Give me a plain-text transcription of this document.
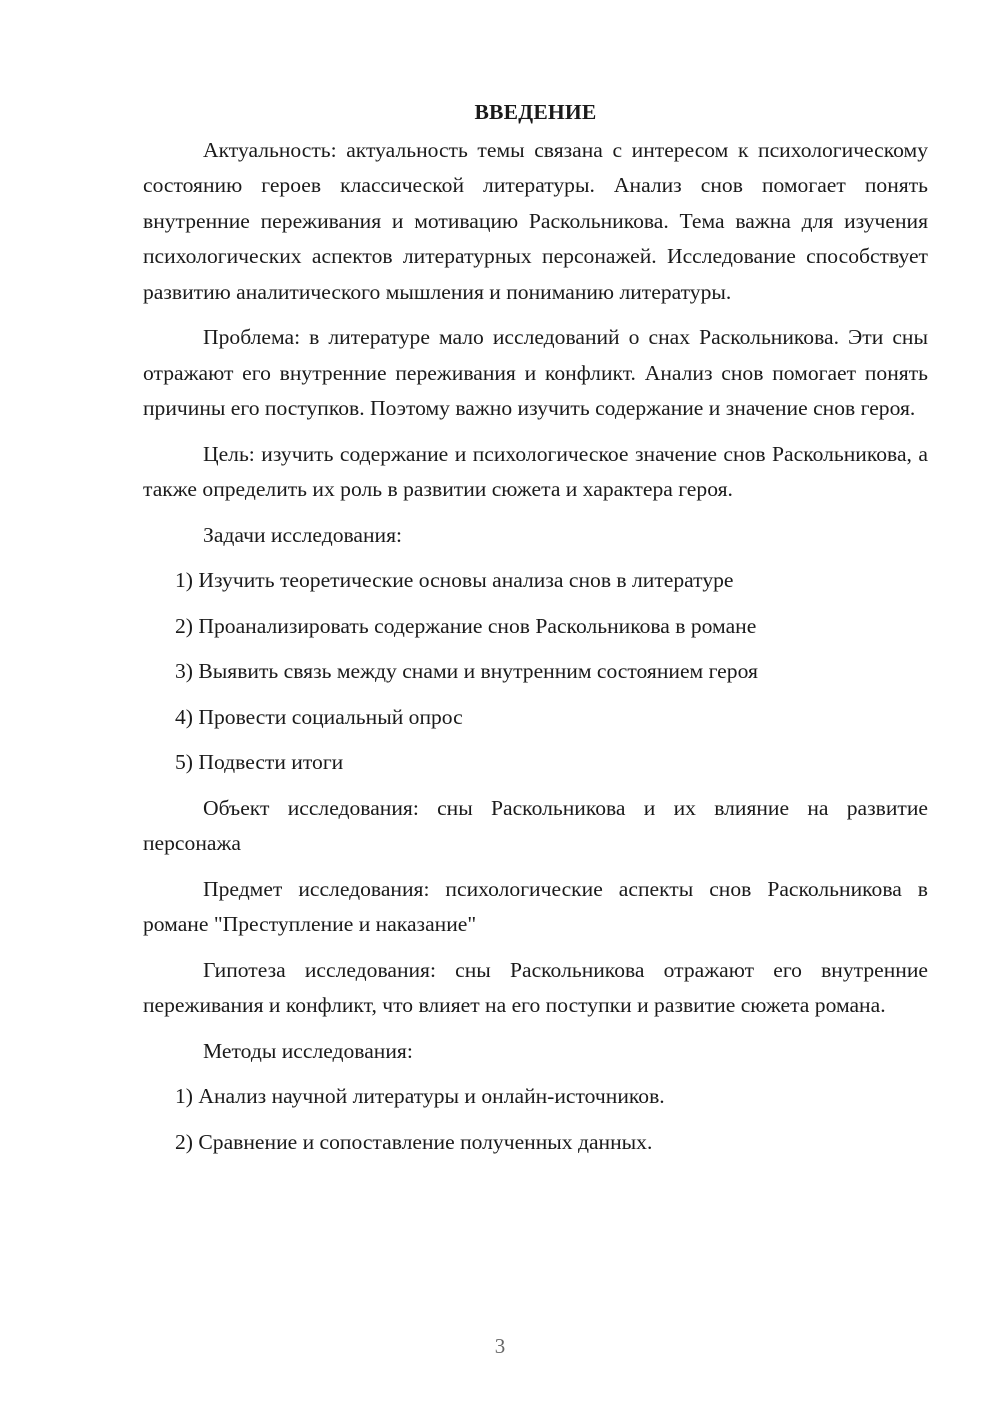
ВВЕДЕНИЕ

Актуальность: актуальность темы связана с интересом к психологическому состоянию героев классической литературы. Анализ снов помогает понять внутренние переживания и мотивацию Раскольникова. Тема важна для изучения психологических аспектов литературных персонажей. Исследование способствует развитию аналитического мышления и пониманию литературы.

Проблема: в литературе мало исследований о снах Раскольникова. Эти сны отражают его внутренние переживания и конфликт. Анализ снов помогает понять причины его поступков. Поэтому важно изучить содержание и значение снов героя.

Цель: изучить содержание и психологическое значение снов Раскольникова, а также определить их роль в развитии сюжета и характера героя.

Задачи исследования:

1) Изучить теоретические основы анализа снов в литературе

2) Проанализировать содержание снов Раскольникова в романе

3) Выявить связь между снами и внутренним состоянием героя

4) Провести социальный опрос

5) Подвести итоги

Объект исследования: сны Раскольникова и их влияние на развитие персонажа

Предмет исследования: психологические аспекты снов Раскольникова в романе "Преступление и наказание"

Гипотеза исследования: сны Раскольникова отражают его внутренние переживания и конфликт, что влияет на его поступки и развитие сюжета романа.

Методы исследования:

1) Анализ научной литературы и онлайн-источников.

2) Сравнение и сопоставление полученных данных.

3
